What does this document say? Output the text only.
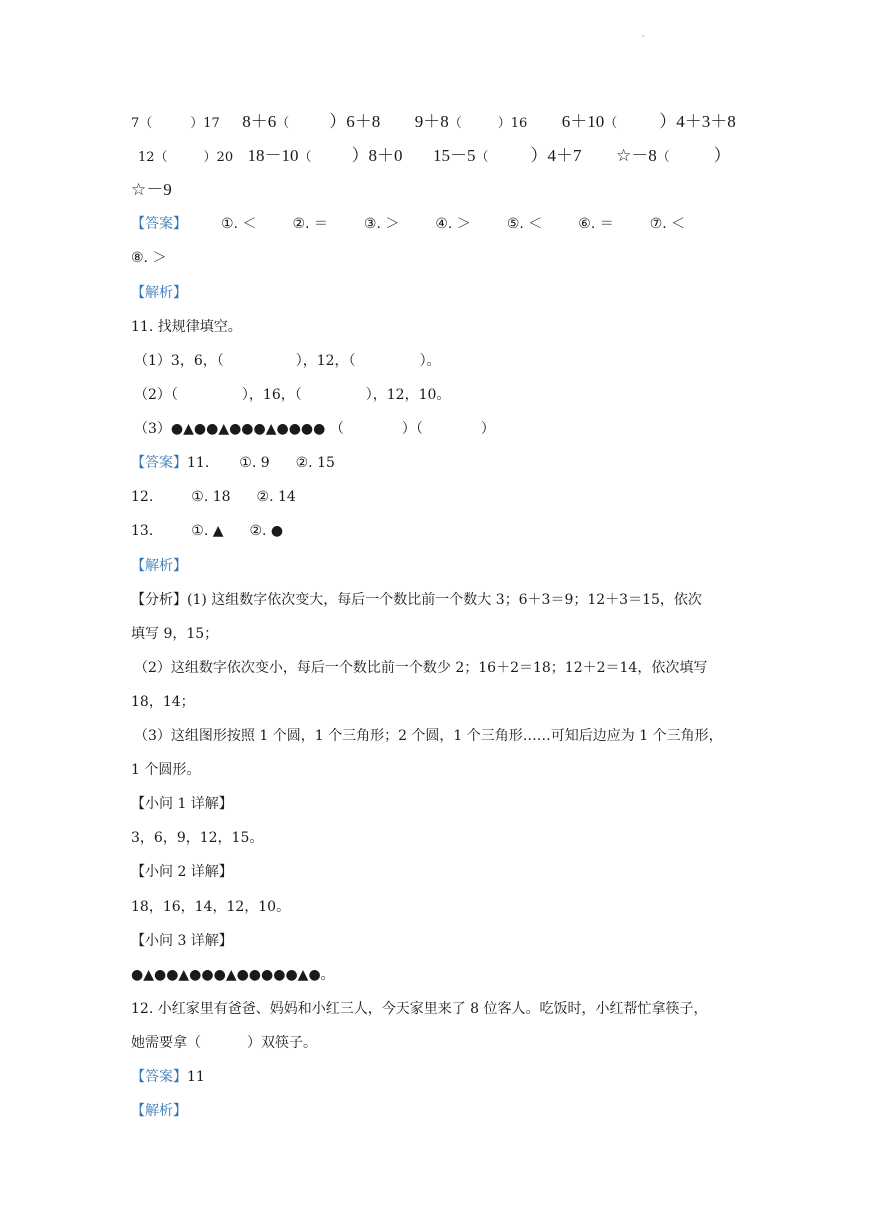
·
7（	）17 8＋6（ ）6＋8 9＋8（	）16 6＋10（ ）4＋3＋8
12（	）20 18－10（ ）8＋0 15－5（ ）4＋7 ☆－8（	）
☆－9
【答案】 ①. ＜	②. ＝	③. ＞	④. ＞	⑤. ＜	⑥. ＝	⑦. ＜
⑧. ＞
【解析】
11. 找规律填空。
（1）3，6，（	），12，（	）。
（2）（	），16，（	），12，10。
（3）●▲●●▲●●●▲●●●● （	）（	）
【答案】11. ①. 9 ②. 15
12.	①. 18 ②. 14
13.	①. ▲ ②. ●
【解析】
【分析】(1) 这组数字依次变大，每后一个数比前一个数大 3；6＋3＝9；12＋3＝15，依次
填写 9，15；
（2）这组数字依次变小，每后一个数比前一个数少 2；16＋2＝18；12＋2＝14，依次填写
18，14；
（3）这组图形按照 1 个圆，1 个三角形；2 个圆，1 个三角形……可知后边应为 1 个三角形，
1 个圆形。
【小问 1 详解】
3，6，9，12，15。
【小问 2 详解】
18，16，14，12，10。
【小问 3 详解】
●▲●●▲●●●▲●●●●●▲●。
12. 小红家里有爸爸、妈妈和小红三人，今天家里来了 8 位客人。吃饭时，小红帮忙拿筷子，
她需要拿（	）双筷子。
【答案】11
【解析】
